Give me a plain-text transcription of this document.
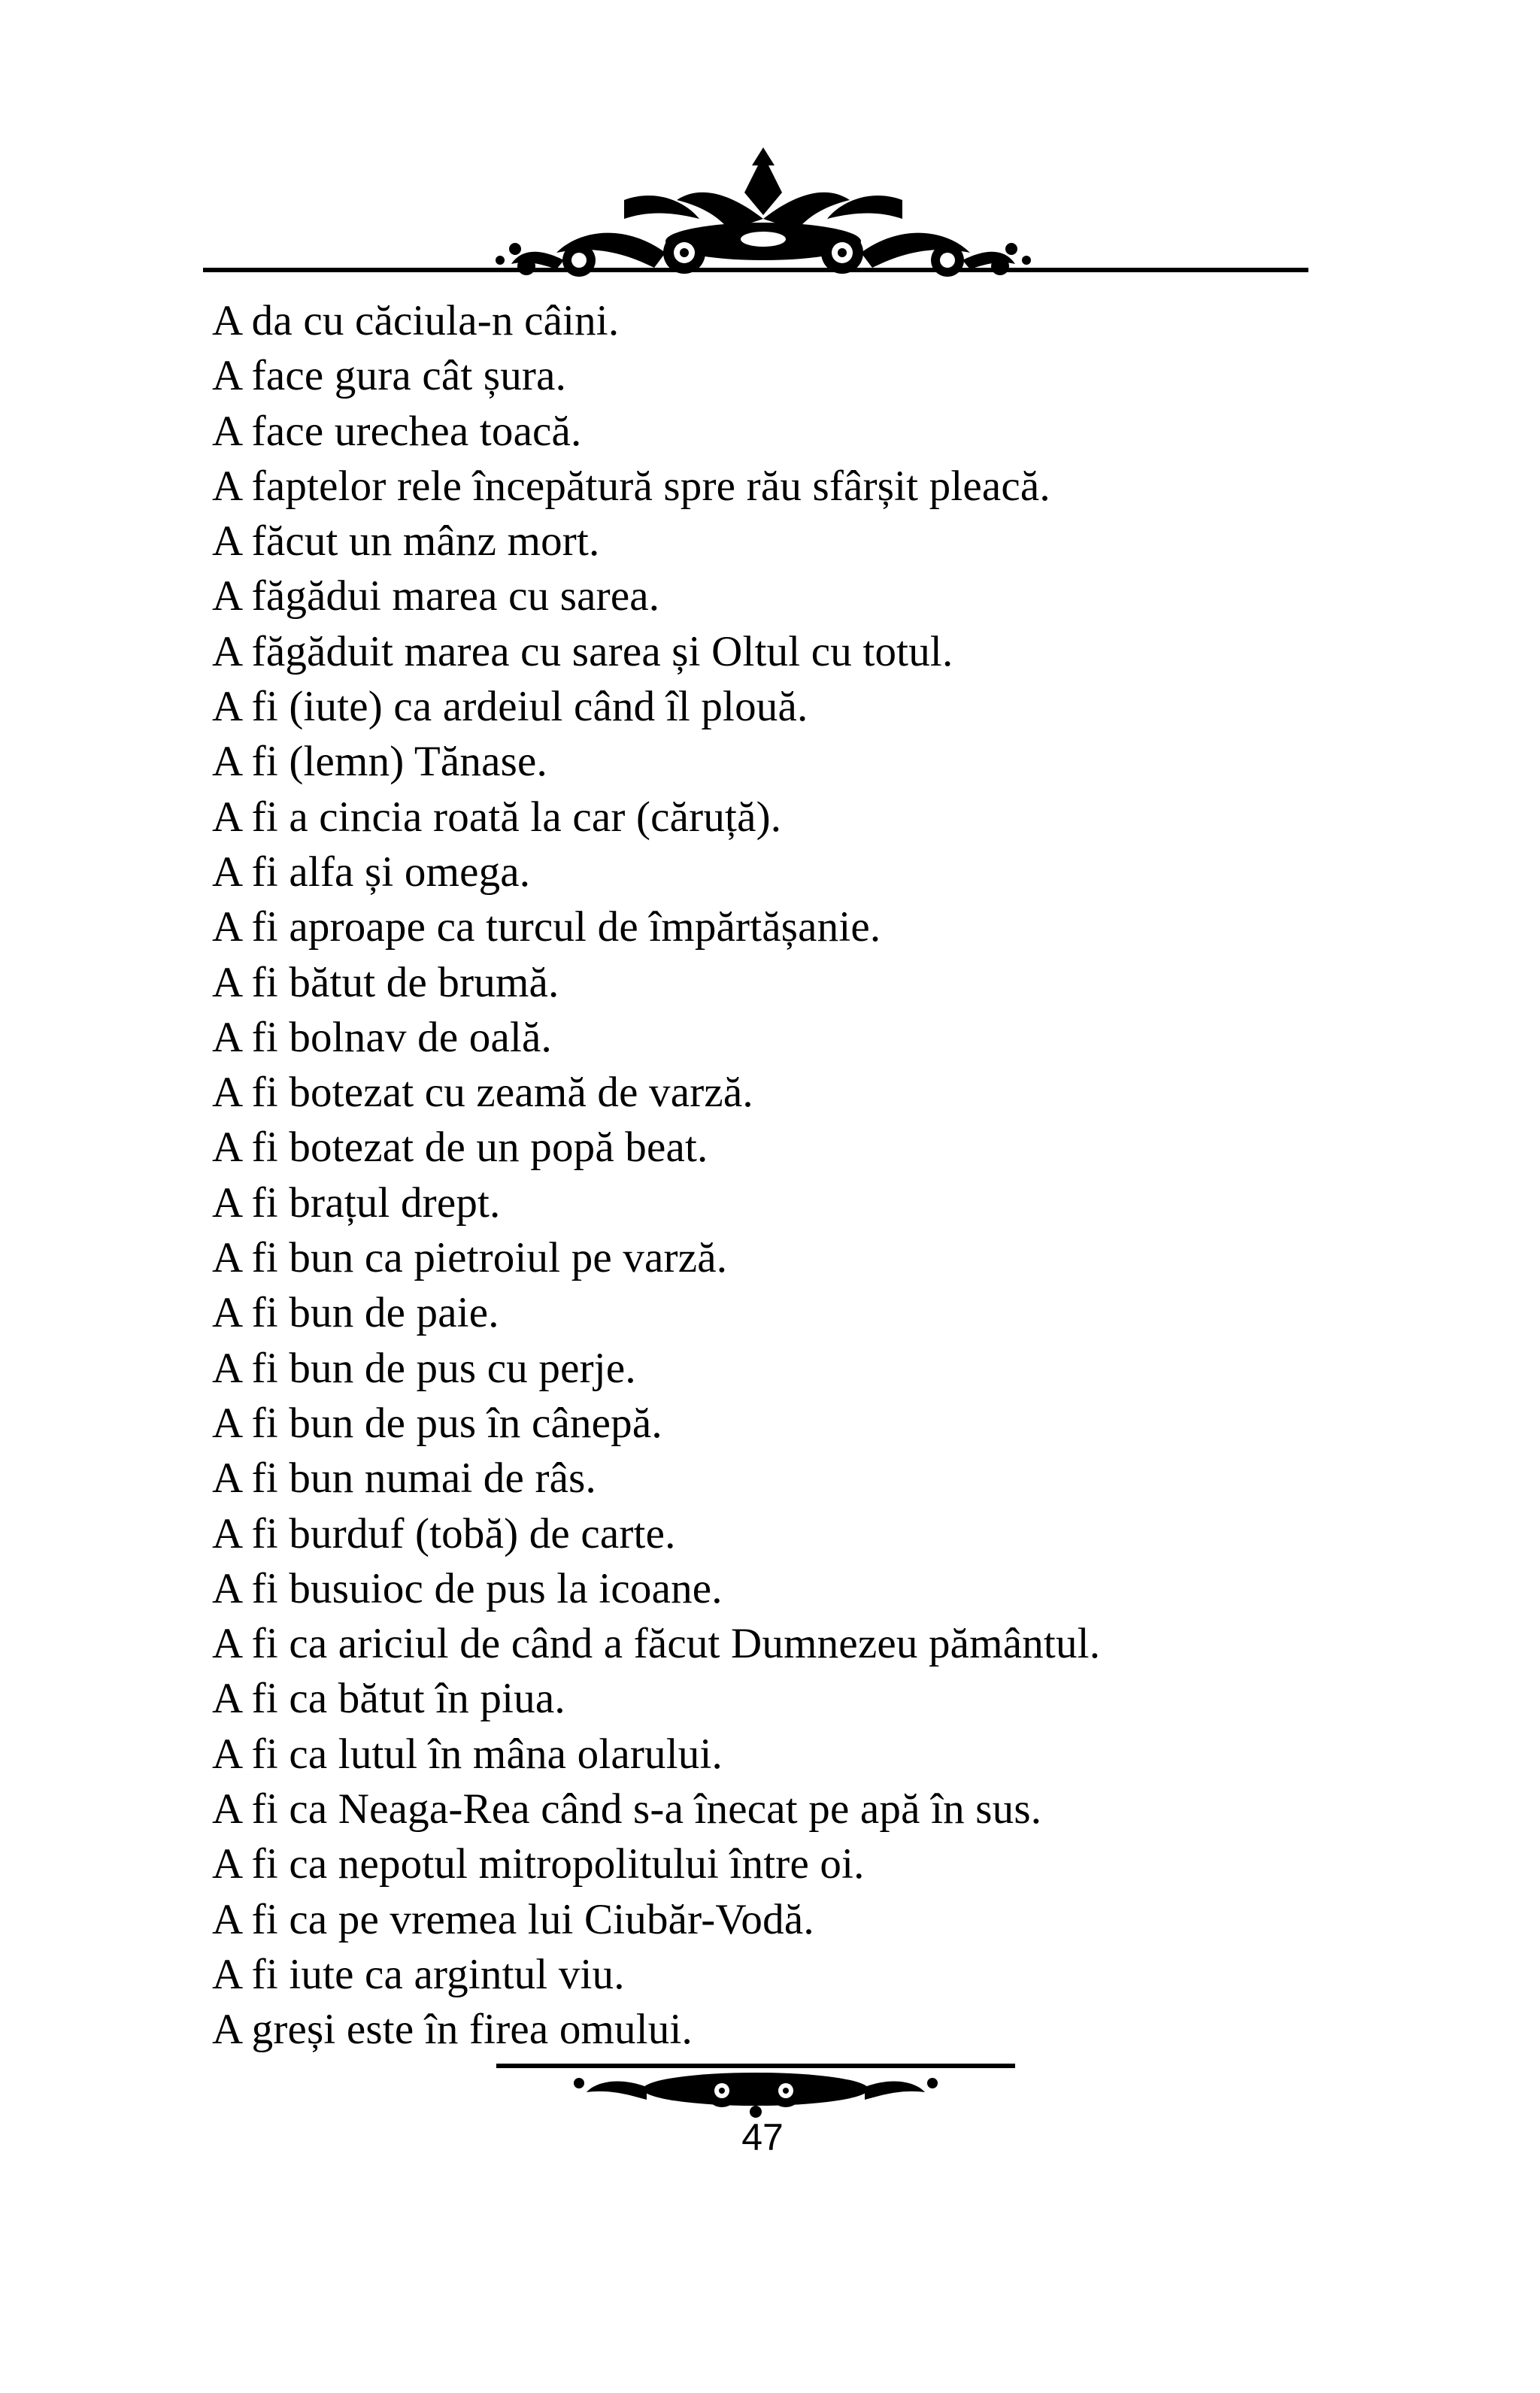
A da cu căciula-n câini.
A face gura cât șura.
A face urechea toacă.
A faptelor rele începătură spre rău sfârșit pleacă.
A făcut un mânz mort.
A făgădui marea cu sarea.
A făgăduit marea cu sarea și Oltul cu totul.
A fi (iute) ca ardeiul când îl plouă.
A fi (lemn) Tănase.
A fi a cincia roată la car (căruță).
A fi alfa și omega.
A fi aproape ca turcul de împărtășanie.
A fi bătut de brumă.
A fi bolnav de oală.
A fi botezat cu zeamă de varză.
A fi botezat de un popă beat.
A fi brațul drept.
A fi bun ca pietroiul pe varză.
A fi bun de paie.
A fi bun de pus cu perje.
A fi bun de pus în cânepă.
A fi bun numai de râs.
A fi burduf (tobă) de carte.
A fi busuioc de pus la icoane.
A fi ca ariciul de când a făcut Dumnezeu pământul.
A fi ca bătut în piua.
A fi ca lutul în mâna olarului.
A fi ca Neaga-Rea când s-a înecat pe apă în sus.
A fi ca nepotul mitropolitului între oi.
A fi ca pe vremea lui Ciubăr-Vodă.
A fi iute ca argintul viu.
A greși este în firea omului.
47
